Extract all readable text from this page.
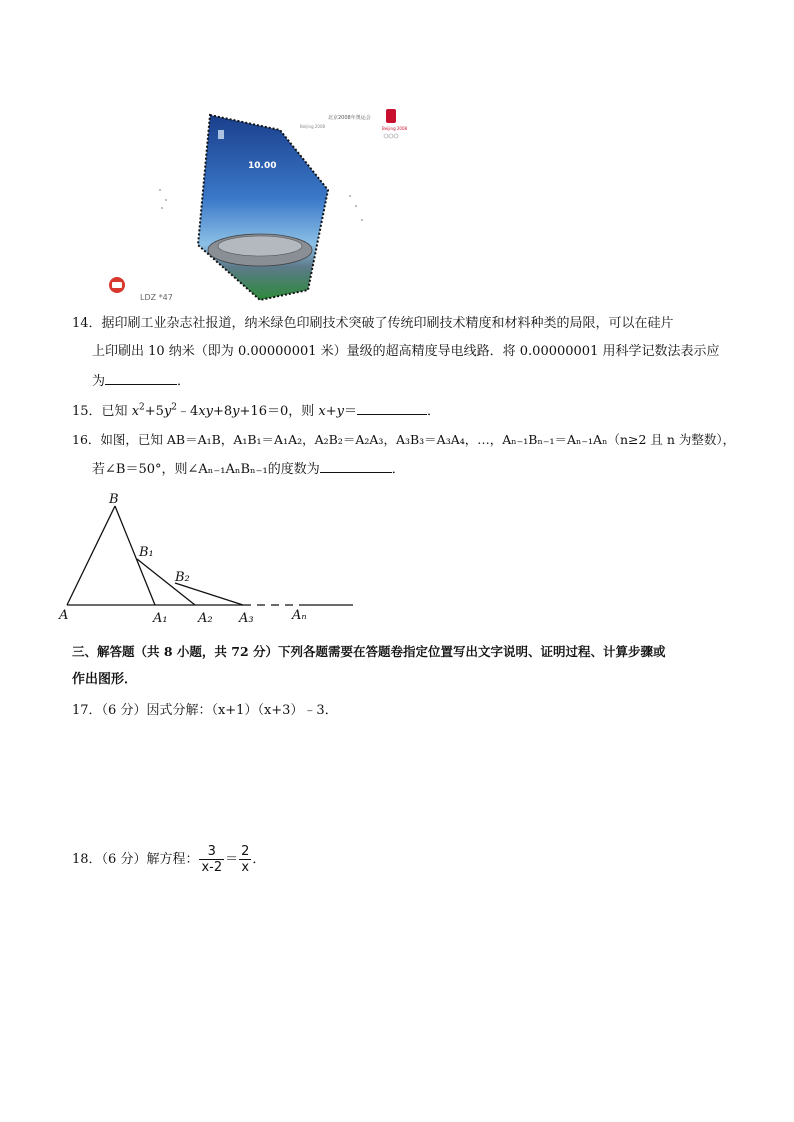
北京2008年奥运会
Beijing 2008	Beijing 2008
10.00
LDZ *47
14．据印刷工业杂志社报道，纳米绿色印刷技术突破了传统印刷技术精度和材料种类的局限，可以在硅片
上印刷出 10 纳米（即为 0.00000001 米）量级的超高精度导电线路．将 0.00000001 用科学记数法表示应
为	．
15．已知 $x^2+5y^2﹣4xy+8y+16=0$，则 x+y＝	．
16．如图，已知 AB＝A₁B，A₁B₁＝A₁A₂，A₂B₂＝A₂A₃，A₃B₃＝A₃A₄，…，Aₙ₋₁Bₙ₋₁＝Aₙ₋₁Aₙ（n≥2 且 n 为整数），
若∠B＝50°，则∠Aₙ₋₁AₙBₙ₋₁的度数为	．
B
B₁
B₂
A	A₁ A₂ A₃	Aₙ
三、解答题（共 8 小题，共 72 分）下列各题需要在答题卷指定位置写出文字说明、证明过程、计算步骤或
作出图形．
17．（6 分）因式分解：（x+1）（x+3）﹣3．
18．（6 分）解方程： $\frac{3}{x-2} = \frac{2}{x}$ ．
